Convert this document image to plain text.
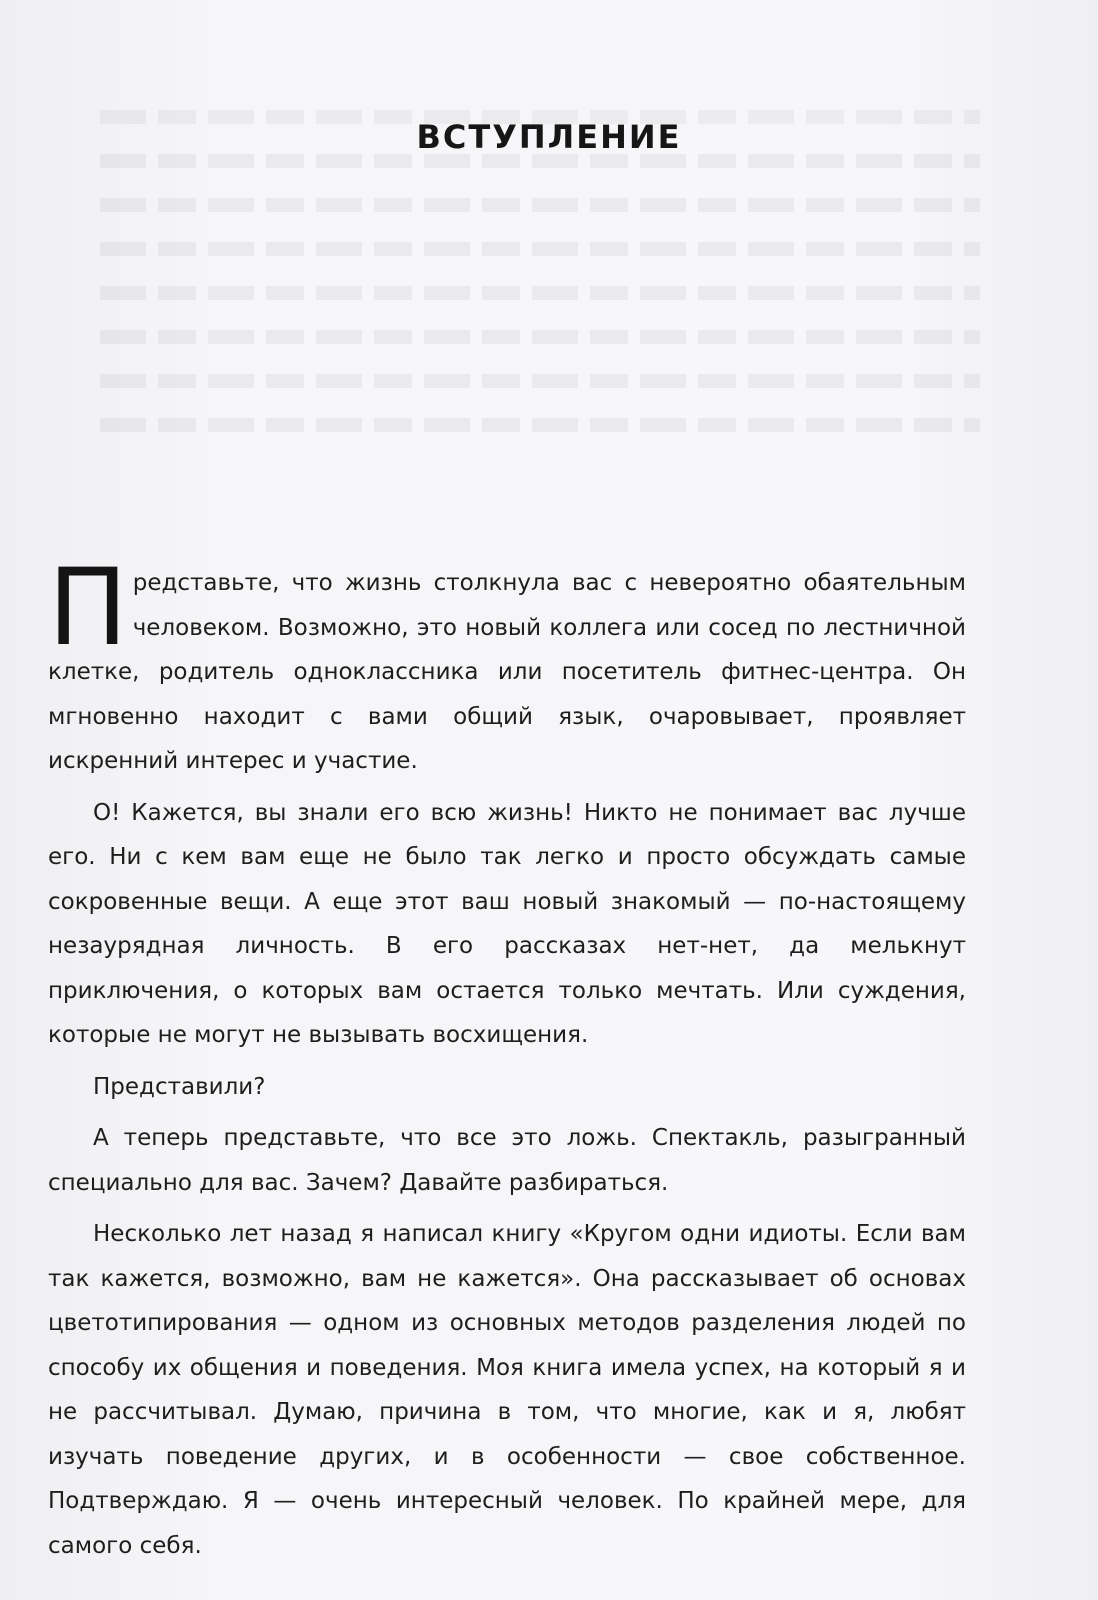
ВСТУПЛЕНИЕ

Представьте, что жизнь столкнула вас с невероятно обаятельным человеком. Возможно, это новый коллега или сосед по лестничной клетке, родитель одноклассника или посетитель фитнес-центра. Он мгновенно находит с вами общий язык, очаровывает, проявляет искренний интерес и участие.

О! Кажется, вы знали его всю жизнь! Никто не понимает вас лучше его. Ни с кем вам еще не было так легко и просто обсуждать самые сокровенные вещи. А еще этот ваш новый знакомый — по-настоящему незаурядная личность. В его рассказах нет-нет, да мелькнут приключения, о которых вам остается только мечтать. Или суждения, которые не могут не вызывать восхищения.

Представили?

А теперь представьте, что все это ложь. Спектакль, разыгранный специально для вас. Зачем? Давайте разбираться.

Несколько лет назад я написал книгу «Кругом одни идиоты. Если вам так кажется, возможно, вам не кажется». Она рассказывает об основах цветотипирования — одном из основных методов разделения людей по способу их общения и поведения. Моя книга имела успех, на который я и не рассчитывал. Думаю, причина в том, что многие, как и я, любят изучать поведение других, и в особенности — свое собственное. Подтверждаю. Я — очень интересный человек. По крайней мере, для самого себя.
